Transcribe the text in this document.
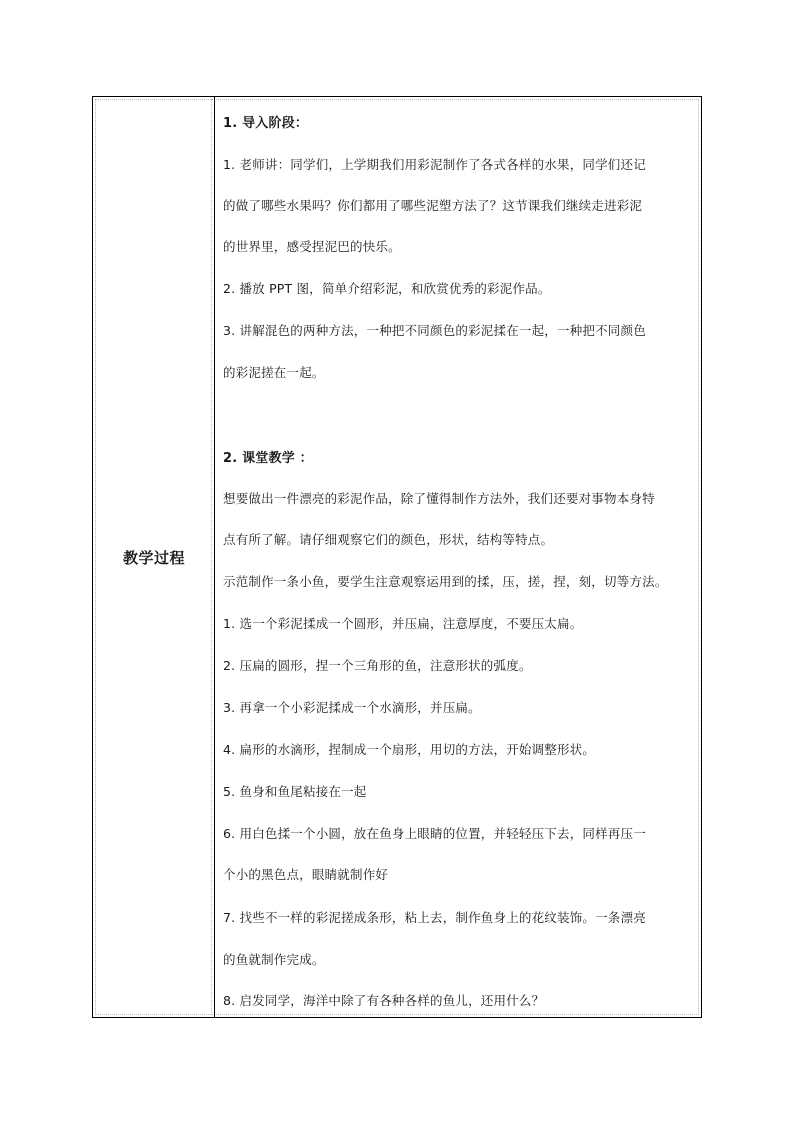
教学过程
1. 导入阶段：
1. 老师讲：同学们，上学期我们用彩泥制作了各式各样的水果，同学们还记
的做了哪些水果吗？你们都用了哪些泥塑方法了？这节课我们继续走进彩泥
的世界里，感受捏泥巴的快乐。
2. 播放 PPT 图，简单介绍彩泥，和欣赏优秀的彩泥作品。
3. 讲解混色的两种方法，一种把不同颜色的彩泥揉在一起，一种把不同颜色
的彩泥搓在一起。
2. 课堂教学 ：
想要做出一件漂亮的彩泥作品，除了懂得制作方法外，我们还要对事物本身特
点有所了解。请仔细观察它们的颜色，形状，结构等特点。
示范制作一条小鱼，要学生注意观察运用到的揉，压，搓，捏，刻，切等方法。
1. 选一个彩泥揉成一个圆形，并压扁，注意厚度，不要压太扁。
2. 压扁的圆形，捏一个三角形的鱼，注意形状的弧度。
3. 再拿一个小彩泥揉成一个水滴形，并压扁。
4. 扁形的水滴形，捏制成一个扇形，用切的方法，开始调整形状。
5. 鱼身和鱼尾粘接在一起
6. 用白色揉一个小圆，放在鱼身上眼睛的位置，并轻轻压下去，同样再压一
个小的黑色点，眼睛就制作好
7. 找些不一样的彩泥搓成条形，粘上去，制作鱼身上的花纹装饰。一条漂亮
的鱼就制作完成。
8. 启发同学，海洋中除了有各种各样的鱼儿，还用什么？
